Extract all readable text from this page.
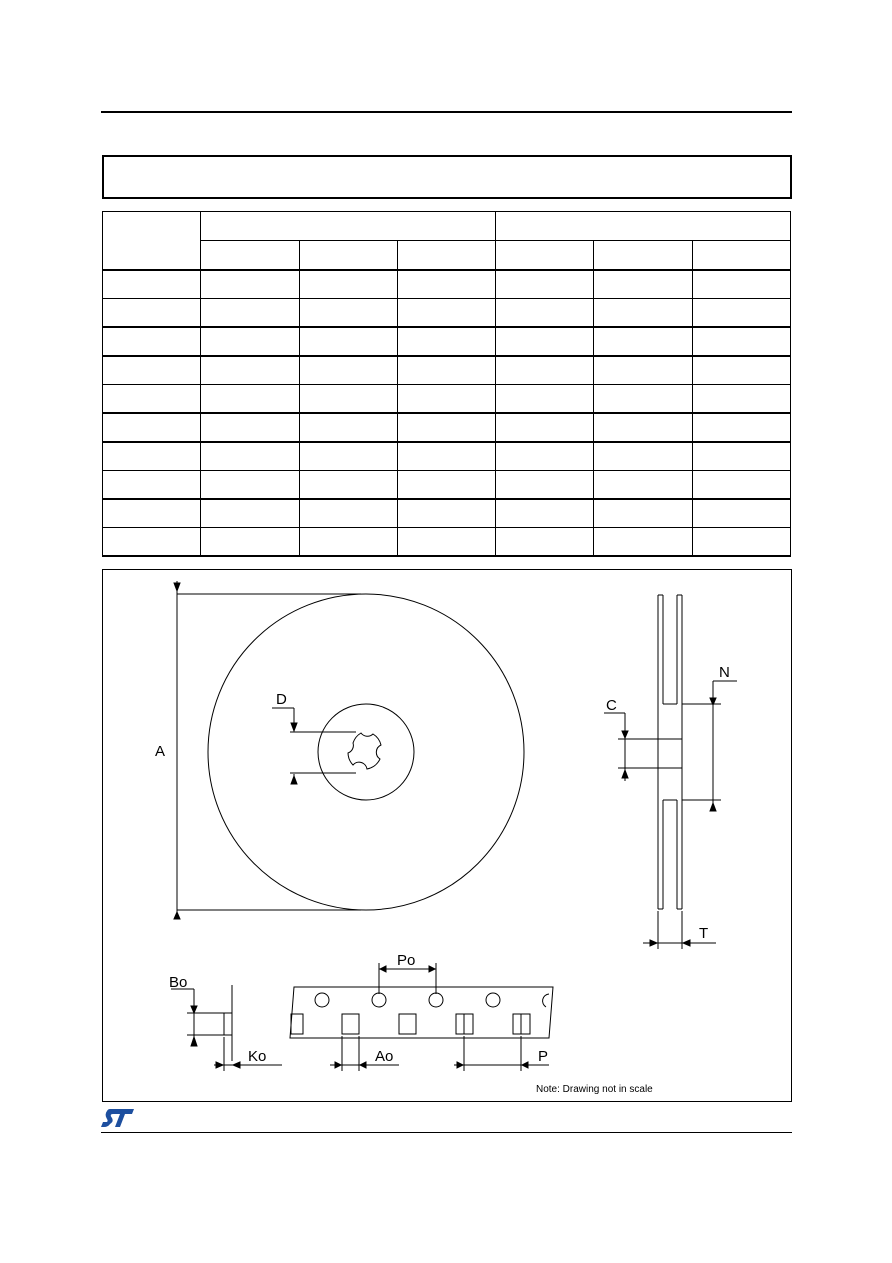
A
D	C
N
T
Bo
Ko	Ao
Po
P
Note: Drawing not in scale
